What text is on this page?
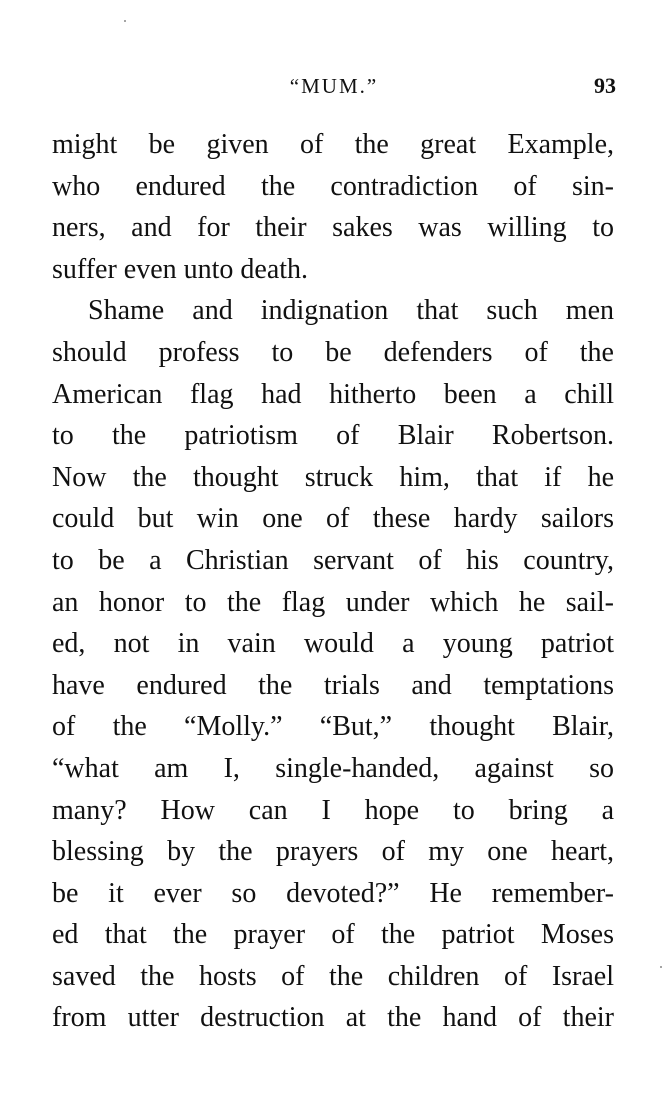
“MUM.”	93
might be given of the great Example,
who endured the contradiction of sin-
ners, and for their sakes was willing to
suffer even unto death.
Shame and indignation that such men
should profess to be defenders of the
American flag had hitherto been a chill
to the patriotism of Blair Robertson.
Now the thought struck him, that if he
could but win one of these hardy sailors
to be a Christian servant of his country,
an honor to the flag under which he sail-
ed, not in vain would a young patriot
have endured the trials and temptations
of the “Molly.” “But,” thought Blair,
“what am I, single-handed, against so
many? How can I hope to bring a
blessing by the prayers of my one heart,
be it ever so devoted?” He remember-
ed that the prayer of the patriot Moses
saved the hosts of the children of Israel
from utter destruction at the hand of their
